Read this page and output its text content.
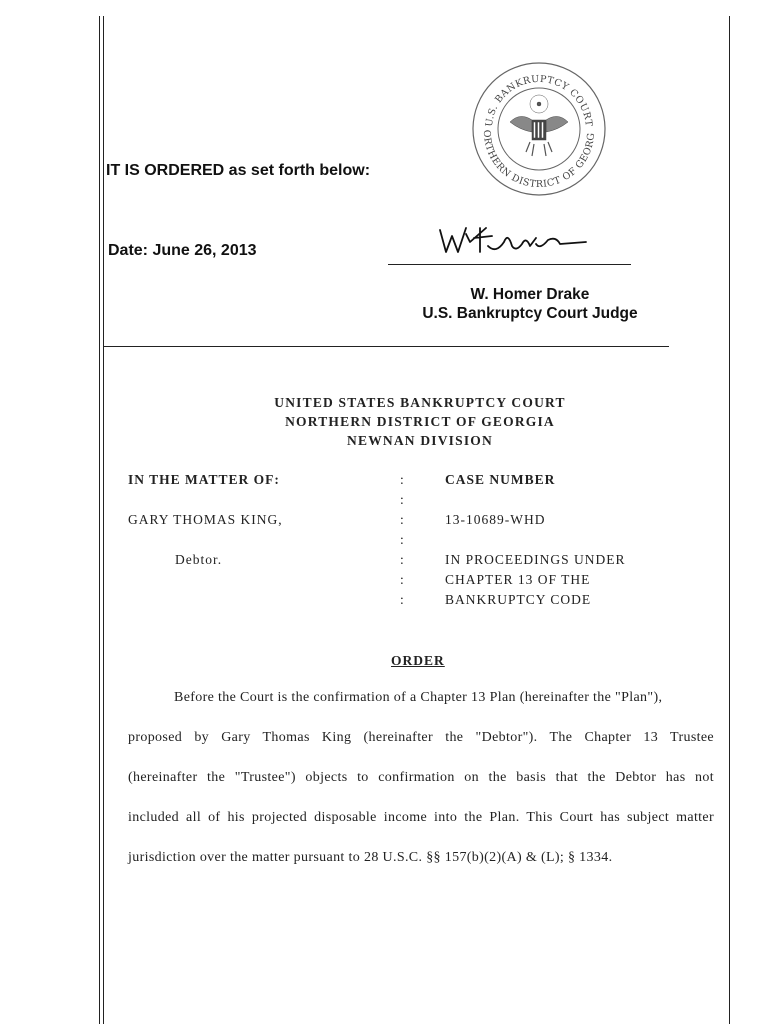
U.S. BANKRUPTCY COURT
ORTHERN DISTRICT OF GEORG
IT IS ORDERED as set forth below:
Date: June 26, 2013
W. Homer Drake
U.S. Bankruptcy Court Judge
UNITED STATES BANKRUPTCY COURT
NORTHERN DISTRICT OF GEORGIA
NEWNAN DIVISION
IN THE MATTER OF:
GARY THOMAS KING,
Debtor.
:
:
:
:
:
:
:
CASE NUMBER
13-10689-WHD
IN PROCEEDINGS UNDER
CHAPTER 13 OF THE
BANKRUPTCY CODE
ORDER
Before the Court is the confirmation of a Chapter 13 Plan (hereinafter the "Plan"),
proposed by Gary Thomas King (hereinafter the "Debtor"). The Chapter 13 Trustee
(hereinafter the "Trustee") objects to confirmation on the basis that the Debtor has not
included all of his projected disposable income into the Plan. This Court has subject matter
jurisdiction over the matter pursuant to 28 U.S.C. §§ 157(b)(2)(A) & (L); § 1334.
